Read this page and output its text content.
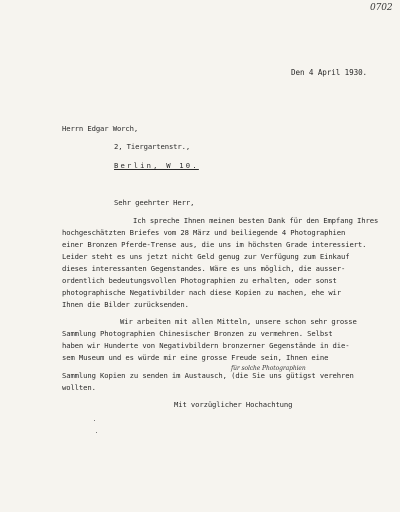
0702
Den 4 April 1930.
Herrn Edgar Worch,
2, Tiergartenstr.,
Berlin, W 10.
Sehr geehrter Herr,
Ich spreche Ihnen meinen besten Dank für den Empfang Ihres
hochgeschätzten Briefes vom 28 März und beiliegende 4 Photographien
einer Bronzen Pferde-Trense aus, die uns im höchsten Grade interessiert.
Leider steht es uns jetzt nicht Geld genug zur Verfügung zum Einkauf
dieses interessanten Gegenstandes. Wäre es uns möglich, die ausser-
ordentlich bedeutungsvollen Photographien zu erhalten, oder sonst
photographische Negativbilder nach diese Kopien zu machen, ehe wir
Ihnen die Bilder zurücksenden.
Wir arbeiten mit allen Mitteln, unsere schon sehr grosse
Sammlung Photographien Chinesischer Bronzen zu vermehren. Selbst
haben wir Hunderte von Negativbildern bronzerner Gegenstände in die-
sem Museum und es würde mir eine grosse Freude sein, Ihnen eine
für solche Photographien
Sammlung Kopien zu senden im Austausch, (die Sie uns gütigst verehren
wollten.
Mit vorzüglicher Hochachtung
